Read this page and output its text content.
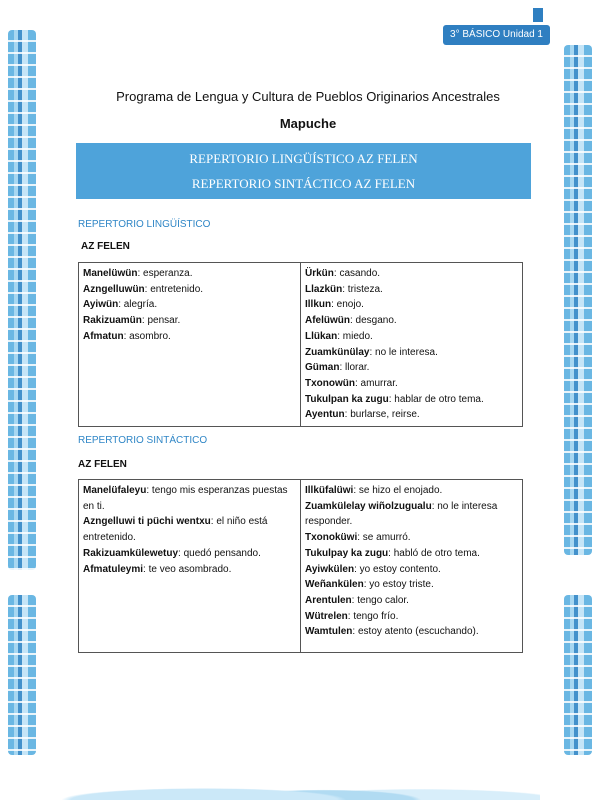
3° BÁSICO Unidad 1
Programa de Lengua y Cultura de Pueblos Originarios Ancestrales
Mapuche
REPERTORIO LINGÜÍSTICO AZ FELEN
REPERTORIO SINTÁCTICO AZ FELEN
REPERTORIO LINGÜÍSTICO
AZ FELEN
Manelüwün: esperanza.
Azngelluwün: entretenido.
Ayiwün: alegría.
Rakizuamün: pensar.
Afmatun: asombro.

Ürkün: casando.
Llazkün: tristeza.
Illkun: enojo.
Afelüwün: desgano.
Llükan: miedo.
Zuamkünülay: no le interesa.
Güman: llorar.
Txonowün: amurrar.
Tukulpan ka zugu: hablar de otro tema.
Ayentun: burlarse, reirse.
REPERTORIO SINTÁCTICO
AZ FELEN
Manelüfaleyu: tengo mis esperanzas puestas en ti.
Azngelluwi ti püchi wentxu: el niño está entretenido.
Rakizuamkülewetuy: quedó pensando.
Afmatuleymi: te veo asombrado.

Illküfalüwi: se hizo el enojado.
Zuamkülelay wiñolzugualu: no le interesa responder.
Txonoküwi: se amurró.
Tukulpay ka zugu: habló de otro tema.
Ayiwkülen: yo estoy contento.
Weñankülen: yo estoy triste.
Arentulen: tengo calor.
Wütrelen: tengo frío.
Wamtulen: estoy atento (escuchando).
